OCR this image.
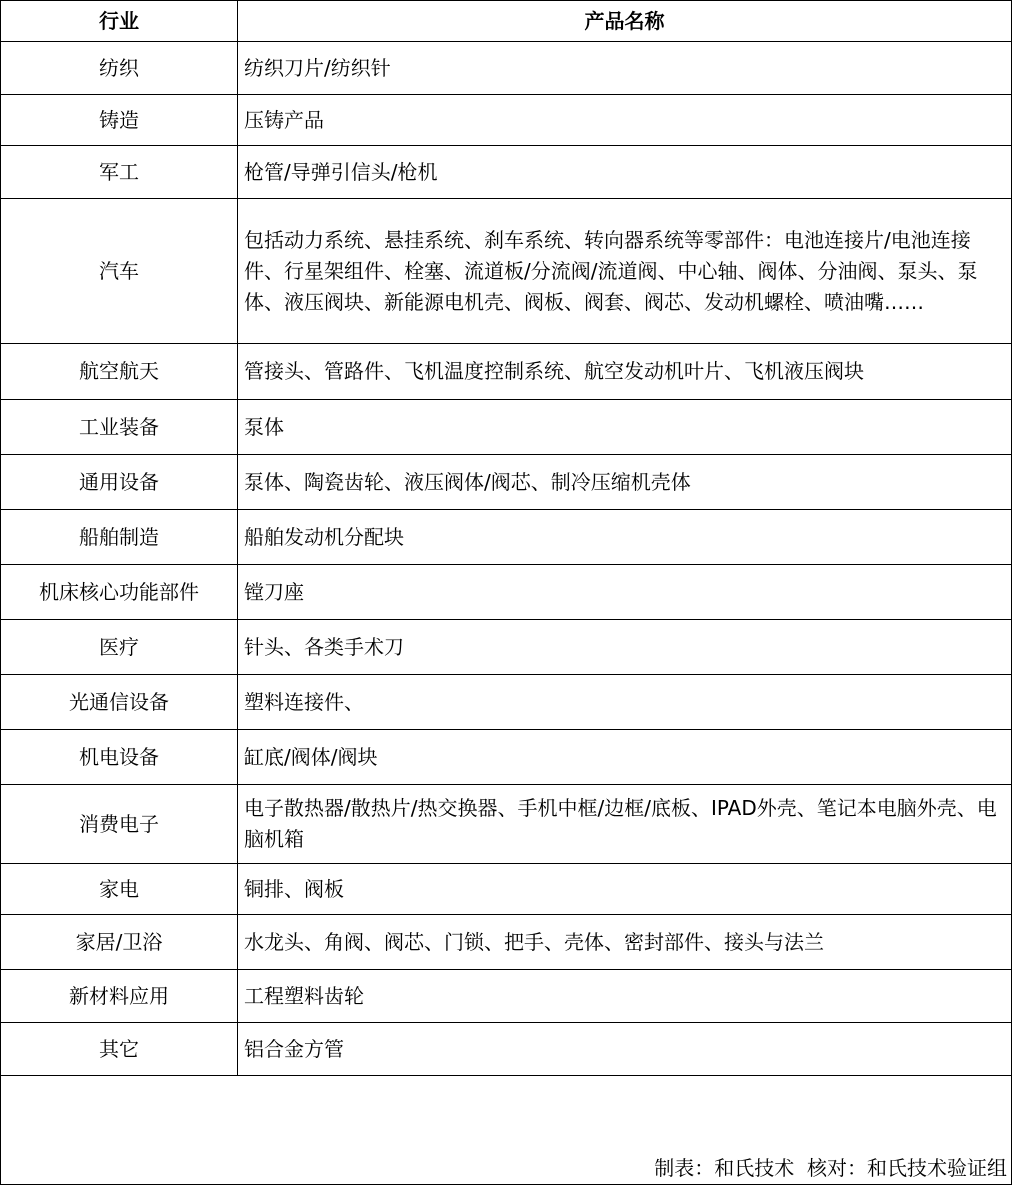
行业	产品名称
纺织	纺织刀片/纺织针
铸造	压铸产品
军工	枪管/导弹引信头/枪机
汽车	包括动力系统、悬挂系统、刹车系统、转向器系统等零部件：电池连接片/电池连接件、行星架组件、栓塞、流道板/分流阀/流道阀、中心轴、阀体、分油阀、泵头、泵体、液压阀块、新能源电机壳、阀板、阀套、阀芯、发动机螺栓、喷油嘴……
航空航天	管接头、管路件、飞机温度控制系统、航空发动机叶片、飞机液压阀块
工业装备	泵体
通用设备	泵体、陶瓷齿轮、液压阀体/阀芯、制冷压缩机壳体
船舶制造	船舶发动机分配块
机床核心功能部件	镗刀座
医疗	针头、各类手术刀
光通信设备	塑料连接件、
机电设备	缸底/阀体/阀块
消费电子	电子散热器/散热片/热交换器、手机中框/边框/底板、IPAD外壳、笔记本电脑外壳、电脑机箱
家电	铜排、阀板
家居/卫浴	水龙头、角阀、阀芯、门锁、把手、壳体、密封部件、接头与法兰
新材料应用	工程塑料齿轮
其它	铝合金方管
制表：和氏技术  核对：和氏技术验证组	
